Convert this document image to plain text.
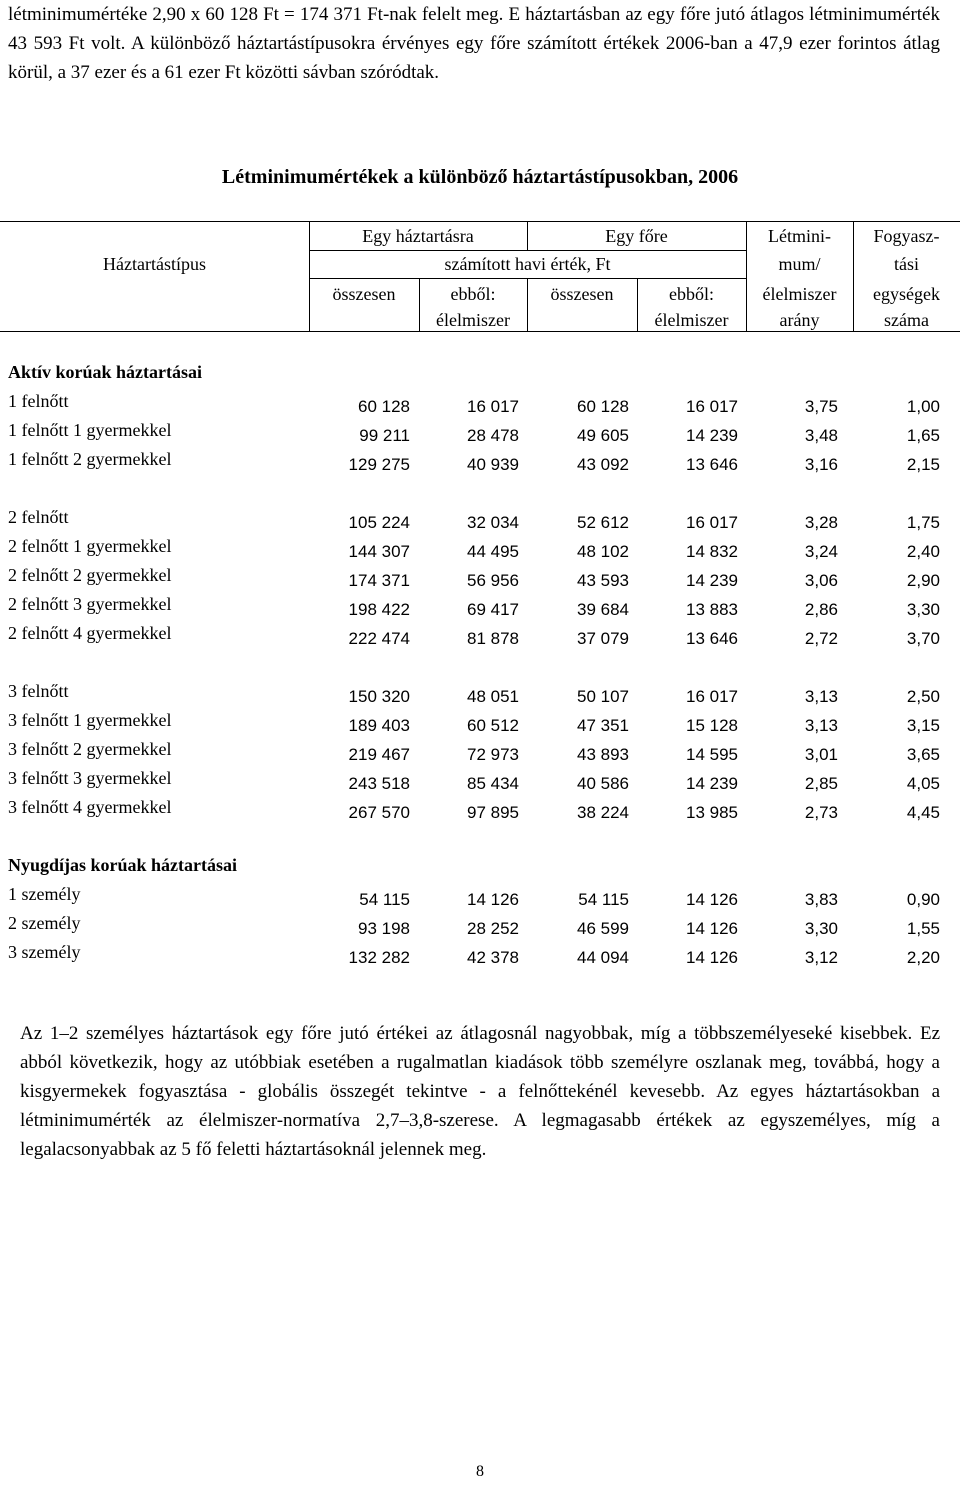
létminimumértéke 2,90 x 60 128 Ft = 174 371 Ft-nak felelt meg. E háztartásban az egy főre jutó átlagos létminimumérték 43 593 Ft volt. A különböző háztartástípusokra érvényes egy főre számított értékek 2006-ban a 47,9 ezer forintos átlag körül, a 37 ezer és a 61 ezer Ft közötti sávban szóródtak.

Létminimumértékek a különböző háztartástípusokban, 2006
Háztartástípus
Egy háztartásra	Egy főre
számított havi érték, Ft
összesen	ebből:
élelmiszer
összesen	ebből:
élelmiszer
Létmini-
mum/
élelmiszer
arány
Fogyasz-
tási
egységek
száma
Aktív korúak háztartásai
1 felnőtt	60 128	16 017	60 128	16 017	3,75	1,00
1 felnőtt 1 gyermekkel	99 211	28 478	49 605	14 239	3,48	1,65
1 felnőtt 2 gyermekkel	129 275	40 939	43 092	13 646	3,16	2,15
2 felnőtt	105 224	32 034	52 612	16 017	3,28	1,75
2 felnőtt 1 gyermekkel	144 307	44 495	48 102	14 832	3,24	2,40
2 felnőtt 2 gyermekkel	174 371	56 956	43 593	14 239	3,06	2,90
2 felnőtt 3 gyermekkel	198 422	69 417	39 684	13 883	2,86	3,30
2 felnőtt 4 gyermekkel	222 474	81 878	37 079	13 646	2,72	3,70
3 felnőtt	150 320	48 051	50 107	16 017	3,13	2,50
3 felnőtt 1 gyermekkel	189 403	60 512	47 351	15 128	3,13	3,15
3 felnőtt 2 gyermekkel	219 467	72 973	43 893	14 595	3,01	3,65
3 felnőtt 3 gyermekkel	243 518	85 434	40 586	14 239	2,85	4,05
3 felnőtt 4 gyermekkel	267 570	97 895	38 224	13 985	2,73	4,45
Nyugdíjas korúak háztartásai
1 személy	54 115	14 126	54 115	14 126	3,83	0,90
2 személy	93 198	28 252	46 599	14 126	3,30	1,55
3 személy	132 282	42 378	44 094	14 126	3,12	2,20

Az 1–2 személyes háztartások egy főre jutó értékei az átlagosnál nagyobbak, míg a többszemélyeseké kisebbek. Ez abból következik, hogy az utóbbiak esetében a rugalmatlan kiadások több személyre oszlanak meg, továbbá, hogy a kisgyermekek fogyasztása - globális összegét tekintve - a felnőttekénél kevesebb. Az egyes háztartásokban a létminimumérték az élelmiszer-normatíva 2,7–3,8-szerese. A legmagasabb értékek az egyszemélyes, míg a legalacsonyabbak az 5 fő feletti háztartásoknál jelennek meg.

8
